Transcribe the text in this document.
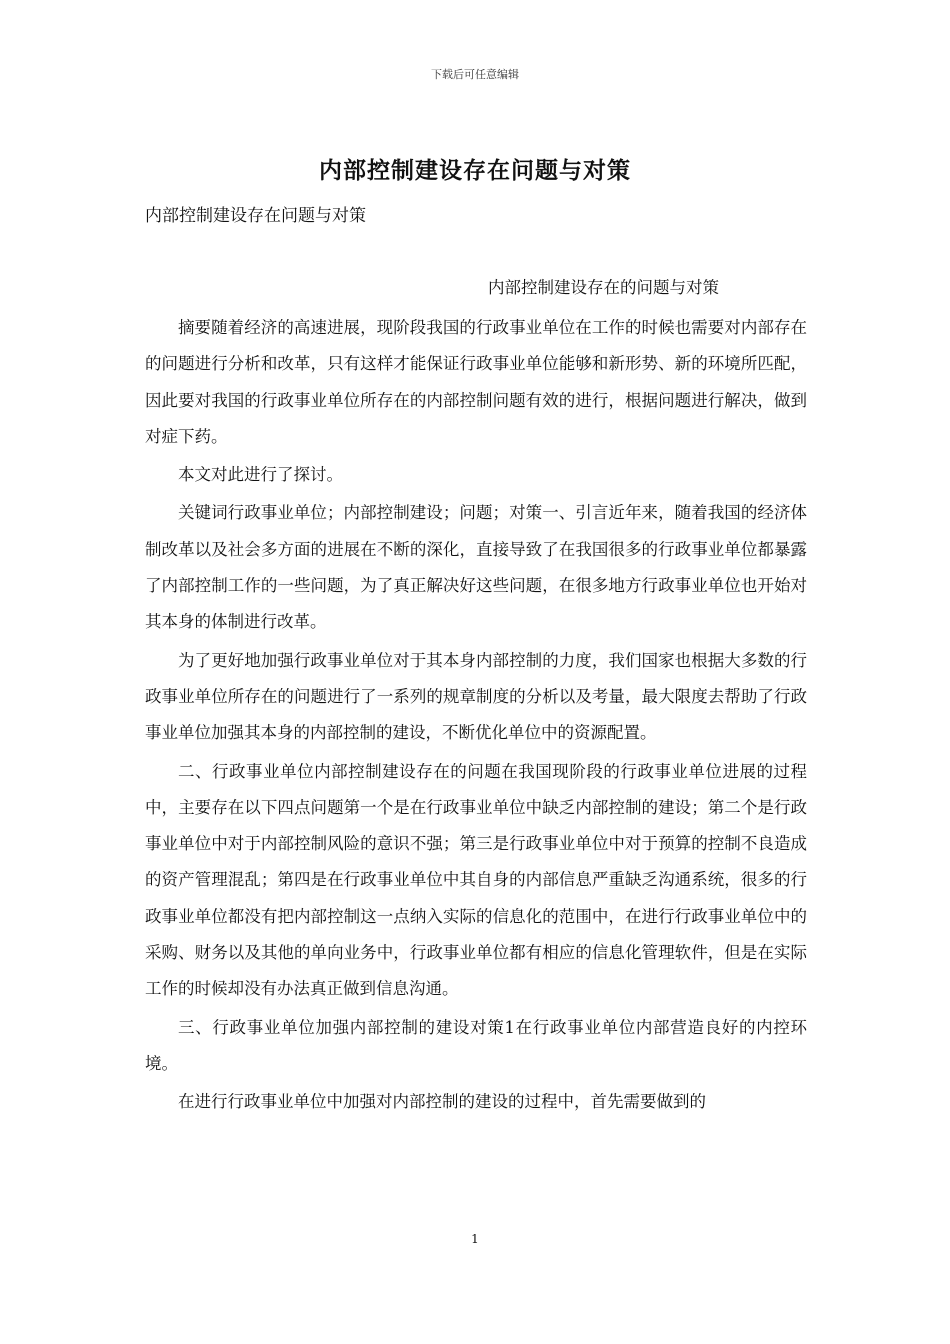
下载后可任意编辑
内部控制建设存在问题与对策
内部控制建设存在问题与对策
内部控制建设存在的问题与对策

摘要随着经济的高速进展，现阶段我国的行政事业单位在工作的时候也需要对内部存在的问题进行分析和改革，只有这样才能保证行政事业单位能够和新形势、新的环境所匹配，因此要对我国的行政事业单位所存在的内部控制问题有效的进行，根据问题进行解决，做到对症下药。

本文对此进行了探讨。

关键词行政事业单位；内部控制建设；问题；对策一、引言近年来，随着我国的经济体制改革以及社会多方面的进展在不断的深化，直接导致了在我国很多的行政事业单位都暴露了内部控制工作的一些问题，为了真正解决好这些问题，在很多地方行政事业单位也开始对其本身的体制进行改革。

为了更好地加强行政事业单位对于其本身内部控制的力度，我们国家也根据大多数的行政事业单位所存在的问题进行了一系列的规章制度的分析以及考量，最大限度去帮助了行政事业单位加强其本身的内部控制的建设，不断优化单位中的资源配置。

二、行政事业单位内部控制建设存在的问题在我国现阶段的行政事业单位进展的过程中，主要存在以下四点问题第一个是在行政事业单位中缺乏内部控制的建设；第二个是行政事业单位中对于内部控制风险的意识不强；第三是行政事业单位中对于预算的控制不良造成的资产管理混乱；第四是在行政事业单位中其自身的内部信息严重缺乏沟通系统，很多的行政事业单位都没有把内部控制这一点纳入实际的信息化的范围中，在进行行政事业单位中的采购、财务以及其他的单向业务中，行政事业单位都有相应的信息化管理软件，但是在实际工作的时候却没有办法真正做到信息沟通。

三、行政事业单位加强内部控制的建设对策1在行政事业单位内部营造良好的内控环境。

在进行行政事业单位中加强对内部控制的建设的过程中，首先需要做到的

1
